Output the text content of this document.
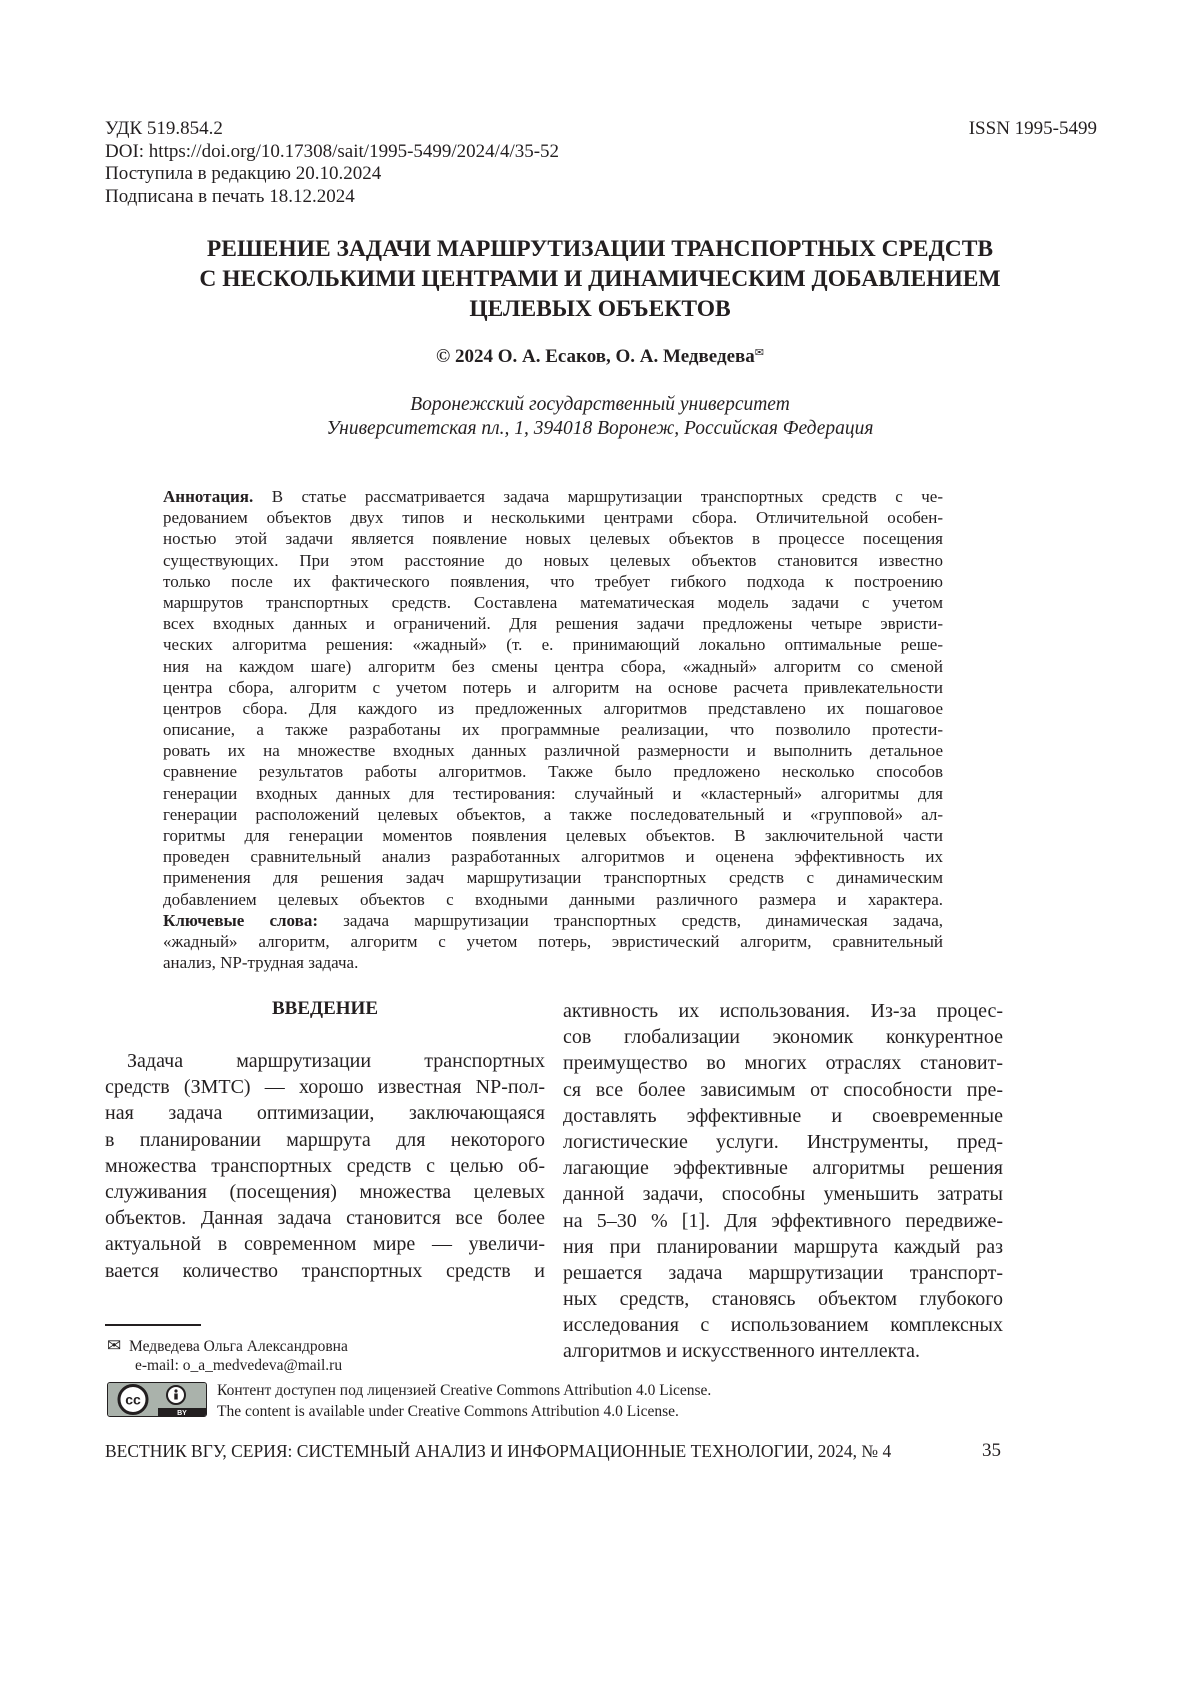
УДК 519.854.2
DOI: https://doi.org/10.17308/sait/1995-5499/2024/4/35-52
Поступила в редакцию 20.10.2024
Подписана в печать 18.12.2024
ISSN 1995-5499
РЕШЕНИЕ ЗАДАЧИ МАРШРУТИЗАЦИИ ТРАНСПОРТНЫХ СРЕДСТВ
С НЕСКОЛЬКИМИ ЦЕНТРАМИ И ДИНАМИЧЕСКИМ ДОБАВЛЕНИЕМ
ЦЕЛЕВЫХ ОБЪЕКТОВ
© 2024 О. А. Есаков, О. А. Медведева✉
Воронежский государственный университет
Университетская пл., 1, 394018 Воронеж, Российская Федерация
Аннотация. В статье рассматривается задача маршрутизации транспортных средств с че-
редованием объектов двух типов и несколькими центрами сбора. Отличительной особен-
ностью этой задачи является появление новых целевых объектов в процессе посещения
существующих. При этом расстояние до новых целевых объектов становится известно
только после их фактического появления, что требует гибкого подхода к построению
маршрутов транспортных средств. Составлена математическая модель задачи с учетом
всех входных данных и ограничений. Для решения задачи предложены четыре эвристи-
ческих алгоритма решения: «жадный» (т. е. принимающий локально оптимальные реше-
ния на каждом шаге) алгоритм без смены центра сбора, «жадный» алгоритм со сменой
центра сбора, алгоритм с учетом потерь и алгоритм на основе расчета привлекательности
центров сбора. Для каждого из предложенных алгоритмов представлено их пошаговое
описание, а также разработаны их программные реализации, что позволило протести-
ровать их на множестве входных данных различной размерности и выполнить детальное
сравнение результатов работы алгоритмов. Также было предложено несколько способов
генерации входных данных для тестирования: случайный и «кластерный» алгоритмы для
генерации расположений целевых объектов, а также последовательный и «групповой» ал-
горитмы для генерации моментов появления целевых объектов. В заключительной части
проведен сравнительный анализ разработанных алгоритмов и оценена эффективность их
применения для решения задач маршрутизации транспортных средств с динамическим
добавлением целевых объектов с входными данными различного размера и характера.
Ключевые слова: задача маршрутизации транспортных средств, динамическая задача,
«жадный» алгоритм, алгоритм с учетом потерь, эвристический алгоритм, сравнительный
анализ, NP-трудная задача.
ВВЕДЕНИЕ
Задача маршрутизации транспортных
средств (ЗМТС) — хорошо известная NP-пол-
ная задача оптимизации, заключающаяся
в планировании маршрута для некоторого
множества транспортных средств с целью об-
служивания (посещения) множества целевых
объектов. Данная задача становится все более
актуальной в современном мире — увеличи-
вается количество транспортных средств и
активность их использования. Из-за процес-
сов глобализации экономик конкурентное
преимущество во многих отраслях становит-
ся все более зависимым от способности пре-
доставлять эффективные и своевременные
логистические услуги. Инструменты, пред-
лагающие эффективные алгоритмы решения
данной задачи, способны уменьшить затраты
на 5–30 % [1]. Для эффективного передвиже-
ния при планировании маршрута каждый раз
решается задача маршрутизации транспорт-
ных средств, становясь объектом глубокого
исследования с использованием комплексных
алгоритмов и искусственного интеллекта.
✉ Медведева Ольга Александровна
e-mail: o_a_medvedeva@mail.ru
cc
BY
Контент доступен под лицензией Creative Commons Attribution 4.0 License.
The content is available under Creative Commons Attribution 4.0 License.
ВЕСТНИК ВГУ, СЕРИЯ: СИСТЕМНЫЙ АНАЛИЗ И ИНФОРМАЦИОННЫЕ ТЕХНОЛОГИИ, 2024, № 4	35
